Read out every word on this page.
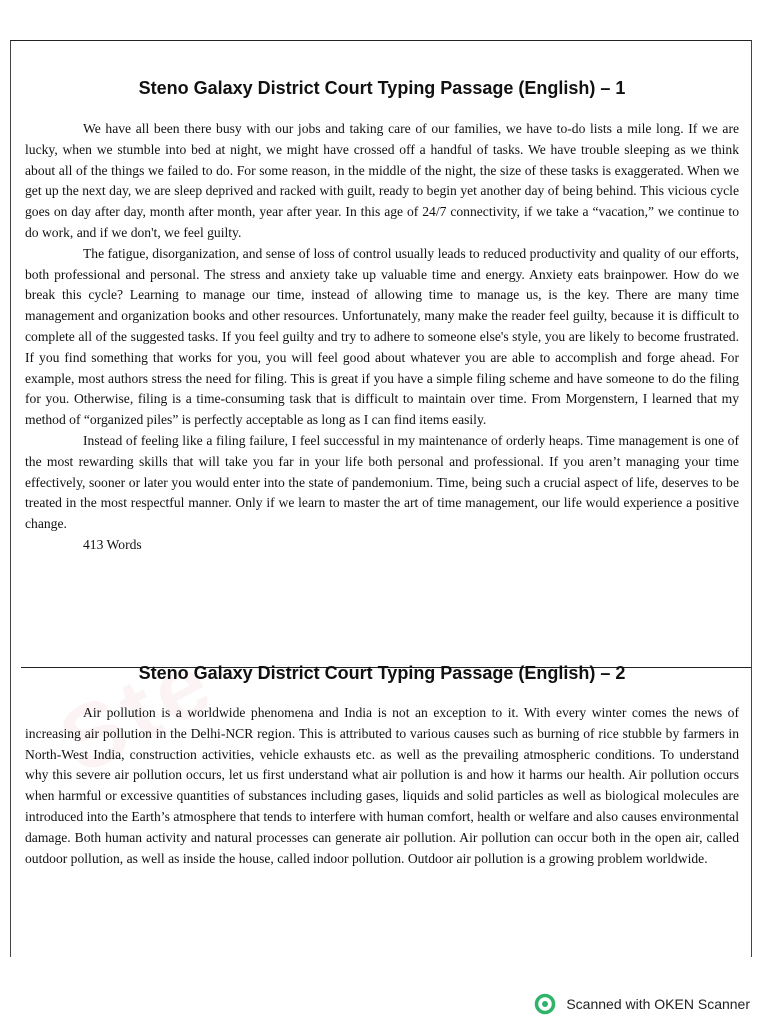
Ste
Steno Galaxy District Court Typing Passage (English) – 1

We have all been there busy with our jobs and taking care of our families, we have to-do lists a mile long. If we are lucky, when we stumble into bed at night, we might have crossed off a handful of tasks. We have trouble sleeping as we think about all of the things we failed to do. For some reason, in the middle of the night, the size of these tasks is exaggerated. When we get up the next day, we are sleep deprived and racked with guilt, ready to begin yet another day of being behind. This vicious cycle goes on day after day, month after month, year after year. In this age of 24/7 connectivity, if we take a “vacation,” we continue to do work, and if we don't, we feel guilty.

The fatigue, disorganization, and sense of loss of control usually leads to reduced productivity and quality of our efforts, both professional and personal. The stress and anxiety take up valuable time and energy. Anxiety eats brainpower. How do we break this cycle? Learning to manage our time, instead of allowing time to manage us, is the key. There are many time management and organization books and other resources. Unfortunately, many make the reader feel guilty, because it is difficult to complete all of the suggested tasks. If you feel guilty and try to adhere to someone else's style, you are likely to become frustrated. If you find something that works for you, you will feel good about whatever you are able to accomplish and forge ahead. For example, most authors stress the need for filing. This is great if you have a simple filing scheme and have someone to do the filing for you. Otherwise, filing is a time-consuming task that is difficult to maintain over time. From Morgenstern, I learned that my method of “organized piles” is perfectly acceptable as long as I can find items easily.

Instead of feeling like a filing failure, I feel successful in my maintenance of orderly heaps. Time management is one of the most rewarding skills that will take you far in your life both personal and professional. If you aren’t managing your time effectively, sooner or later you would enter into the state of pandemonium. Time, being such a crucial aspect of life, deserves to be treated in the most respectful manner. Only if we learn to master the art of time management, our life would experience a positive change.

413 Words

Steno Galaxy District Court Typing Passage (English) – 2

Air pollution is a worldwide phenomena and India is not an exception to it. With every winter comes the news of increasing air pollution in the Delhi-NCR region. This is attributed to various causes such as burning of rice stubble by farmers in North-West India, construction activities, vehicle exhausts etc. as well as the prevailing atmospheric conditions. To understand why this severe air pollution occurs, let us first understand what air pollution is and how it harms our health. Air pollution occurs when harmful or excessive quantities of substances including gases, liquids and solid particles as well as biological molecules are introduced into the Earth’s atmosphere that tends to interfere with human comfort, health or welfare and also causes environmental damage. Both human activity and natural processes can generate air pollution. Air pollution can occur both in the open air, called outdoor pollution, as well as inside the house, called indoor pollution. Outdoor air pollution is a growing problem worldwide.

Scanned with OKEN Scanner
